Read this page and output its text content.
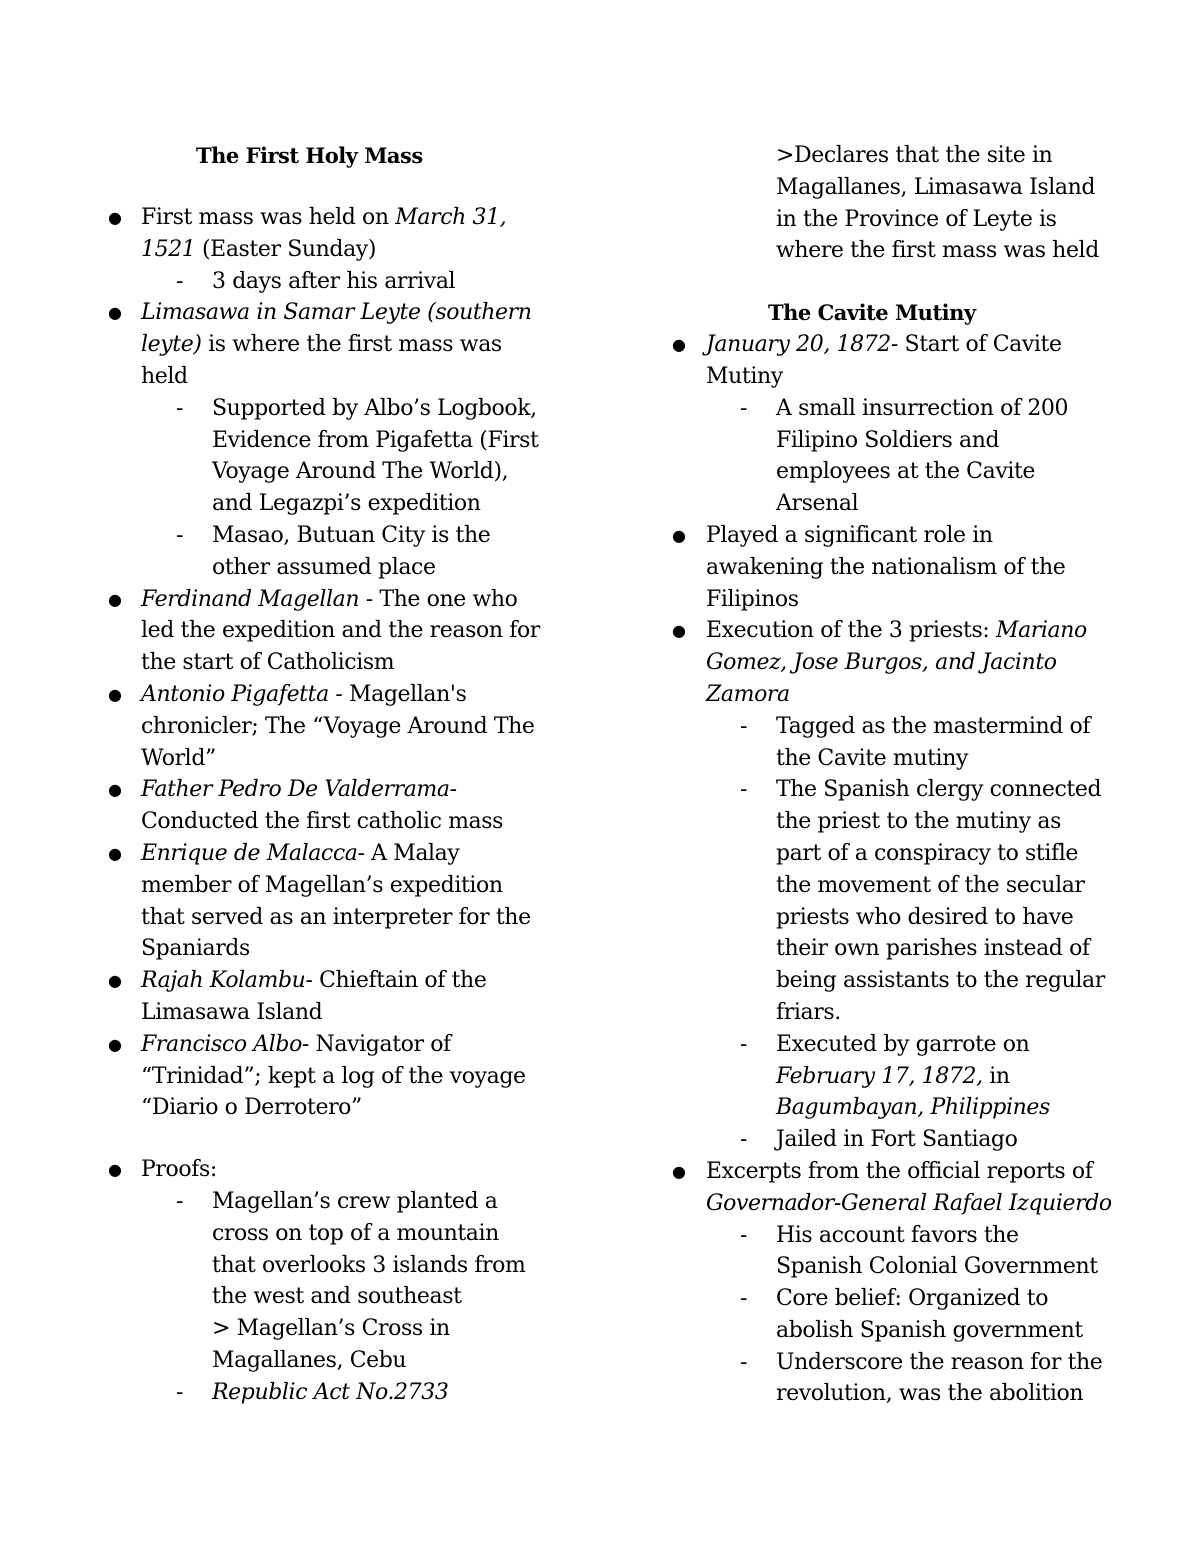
The First Holy Mass
● First mass was held on March 31,
1521 (Easter Sunday)
- 3 days after his arrival
● Limasawa in Samar Leyte (southern
leyte) is where the first mass was
held
- Supported by Albo’s Logbook,
Evidence from Pigafetta (First
Voyage Around The World),
and Legazpi’s expedition
- Masao, Butuan City is the
other assumed place
● Ferdinand Magellan - The one who
led the expedition and the reason for
the start of Catholicism
● Antonio Pigafetta - Magellan's
chronicler; The “Voyage Around The
World”
● Father Pedro De Valderrama-
Conducted the first catholic mass
● Enrique de Malacca- A Malay
member of Magellan’s expedition
that served as an interpreter for the
Spaniards
● Rajah Kolambu- Chieftain of the
Limasawa Island
● Francisco Albo- Navigator of
“Trinidad”; kept a log of the voyage
“Diario o Derrotero”
● Proofs:
- Magellan’s crew planted a
cross on top of a mountain
that overlooks 3 islands from
the west and southeast
> Magellan’s Cross in
Magallanes, Cebu
- Republic Act No.2733
>Declares that the site in
Magallanes, Limasawa Island
in the Province of Leyte is
where the first mass was held
The Cavite Mutiny
● January 20, 1872- Start of Cavite
Mutiny
- A small insurrection of 200
Filipino Soldiers and
employees at the Cavite
Arsenal
● Played a significant role in
awakening the nationalism of the
Filipinos
● Execution of the 3 priests: Mariano
Gomez, Jose Burgos, and Jacinto
Zamora
- Tagged as the mastermind of
the Cavite mutiny
- The Spanish clergy connected
the priest to the mutiny as
part of a conspiracy to stifle
the movement of the secular
priests who desired to have
their own parishes instead of
being assistants to the regular
friars.
- Executed by garrote on
February 17, 1872, in
Bagumbayan, Philippines
- Jailed in Fort Santiago
● Excerpts from the official reports of
Governador-General Rafael Izquierdo
- His account favors the
Spanish Colonial Government
- Core belief: Organized to
abolish Spanish government
- Underscore the reason for the
revolution, was the abolition
